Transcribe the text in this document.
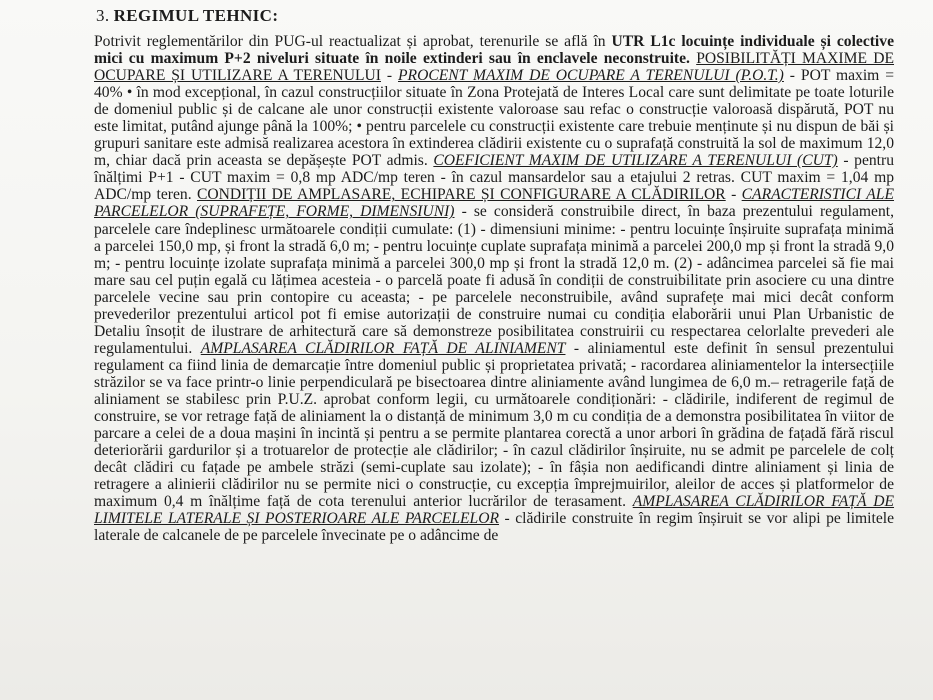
3. REGIMUL TEHNIC:

Potrivit reglementărilor din PUG-ul reactualizat și aprobat, terenurile se află în UTR L1c locuințe individuale și colective mici cu maximum P+2 niveluri situate în noile extinderi sau în enclavele neconstruite. POSIBILITĂȚI MAXIME DE OCUPARE ȘI UTILIZARE A TERENULUI - PROCENT MAXIM DE OCUPARE A TERENULUI (P.O.T.) - POT maxim = 40% • în mod excepțional, în cazul construcțiilor situate în Zona Protejată de Interes Local care sunt delimitate pe toate loturile de domeniul public și de calcane ale unor construcții existente valoroase sau refac o construcție valoroasă dispărută, POT nu este limitat, putând ajunge până la 100%; • pentru parcelele cu construcții existente care trebuie menținute și nu dispun de băi și grupuri sanitare este admisă realizarea acestora în extinderea clădirii existente cu o suprafață construită la sol de maximum 12,0 m, chiar dacă prin aceasta se depășește POT admis. COEFICIENT MAXIM DE UTILIZARE A TERENULUI (CUT) - pentru înălțimi P+1 - CUT maxim = 0,8 mp ADC/mp teren - în cazul mansardelor sau a etajului 2 retras. CUT maxim = 1,04 mp ADC/mp teren. CONDIȚII DE AMPLASARE, ECHIPARE ȘI CONFIGURARE A CLĂDIRILOR - CARACTERISTICI ALE PARCELELOR (SUPRAFEȚE, FORME, DIMENSIUNI) - se consideră construibile direct, în baza prezentului regulament, parcelele care îndeplinesc următoarele condiții cumulate: (1) - dimensiuni minime: - pentru locuințe înșiruite suprafața minimă a parcelei 150,0 mp, și front la stradă 6,0 m; - pentru locuințe cuplate suprafața minimă a parcelei 200,0 mp și front la stradă 9,0 m; - pentru locuințe izolate suprafața minimă a parcelei 300,0 mp și front la stradă 12,0 m. (2) - adâncimea parcelei să fie mai mare sau cel puțin egală cu lățimea acesteia - o parcelă poate fi adusă în condiții de construibilitate prin asociere cu una dintre parcelele vecine sau prin contopire cu aceasta; - pe parcelele neconstruibile, având suprafețe mai mici decât conform prevederilor prezentului articol pot fi emise autorizații de construire numai cu condiția elaborării unui Plan Urbanistic de Detaliu însoțit de ilustrare de arhitectură care să demonstreze posibilitatea construirii cu respectarea celorlalte prevederi ale regulamentului. AMPLASAREA CLĂDIRILOR FAȚĂ DE ALINIAMENT - aliniamentul este definit în sensul prezentului regulament ca fiind linia de demarcație între domeniul public și proprietatea privată; - racordarea aliniamentelor la intersecțiile străzilor se va face printr-o linie perpendiculară pe bisectoarea dintre aliniamente având lungimea de 6,0 m.– retragerile față de aliniament se stabilesc prin P.U.Z. aprobat conform legii, cu următoarele condiționări: - clădirile, indiferent de regimul de construire, se vor retrage față de aliniament la o distanță de minimum 3,0 m cu condiția de a demonstra posibilitatea în viitor de parcare a celei de a doua mașini în incintă și pentru a se permite plantarea corectă a unor arbori în grădina de fațadă fără riscul deteriorării gardurilor și a trotuarelor de protecție ale clădirilor; - în cazul clădirilor înșiruite, nu se admit pe parcelele de colț decât clădiri cu fațade pe ambele străzi (semi-cuplate sau izolate); - în fâșia non aedificandi dintre aliniament și linia de retragere a alinierii clădirilor nu se permite nici o construcție, cu excepția împrejmuirilor, aleilor de acces și platformelor de maximum 0,4 m înălțime față de cota terenului anterior lucrărilor de terasament. AMPLASAREA CLĂDIRILOR FAȚĂ DE LIMITELE LATERALE ȘI POSTERIOARE ALE PARCELELOR - clădirile construite în regim înșiruit se vor alipi pe limitele laterale de calcanele de pe parcelele învecinate pe o adâncime de
